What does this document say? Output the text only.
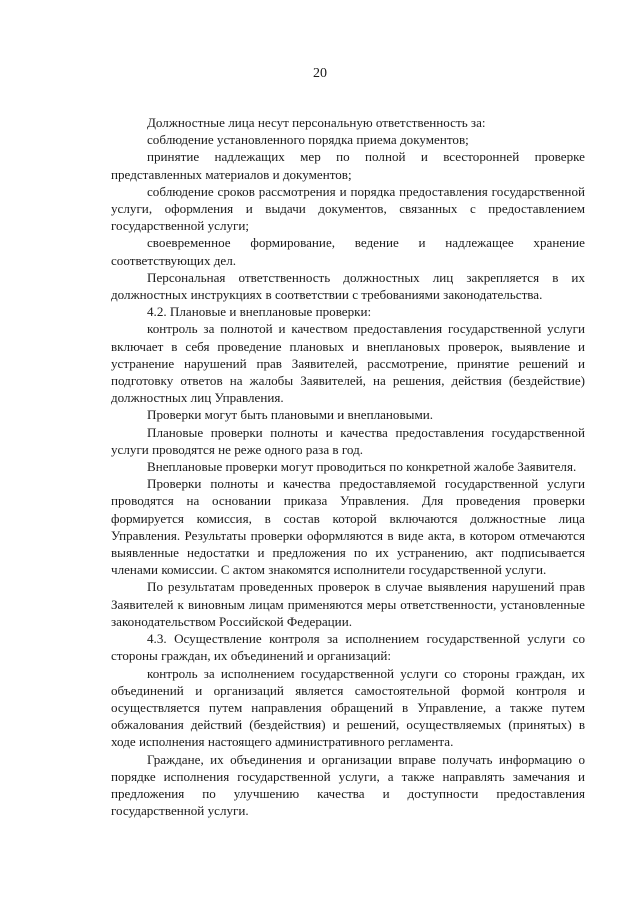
20

Должностные лица несут персональную ответственность за:

соблюдение установленного порядка приема документов;

принятие надлежащих мер по полной и всесторонней проверке представленных материалов и документов;

соблюдение сроков рассмотрения и порядка предоставления государственной услуги, оформления и выдачи документов, связанных с предоставлением государственной услуги;

своевременное формирование, ведение и надлежащее хранение соответствующих дел.

Персональная ответственность должностных лиц закрепляется в их должностных инструкциях в соответствии с требованиями законодательства.

4.2. Плановые и внеплановые проверки:

контроль за полнотой и качеством предоставления государственной услуги включает в себя проведение плановых и внеплановых проверок, выявление и устранение нарушений прав Заявителей, рассмотрение, принятие решений и подготовку ответов на жалобы Заявителей, на решения, действия (бездействие) должностных лиц Управления.

Проверки могут быть плановыми и внеплановыми.

Плановые проверки полноты и качества предоставления государственной услуги проводятся не реже одного раза в год.

Внеплановые проверки могут проводиться по конкретной жалобе Заявителя.

Проверки полноты и качества предоставляемой государственной услуги проводятся на основании приказа Управления. Для проведения проверки формируется комиссия, в состав которой включаются должностные лица Управления. Результаты проверки оформляются в виде акта, в котором отмечаются выявленные недостатки и предложения по их устранению, акт подписывается членами комиссии. С актом знакомятся исполнители государственной услуги.

По результатам проведенных проверок в случае выявления нарушений прав Заявителей к виновным лицам применяются меры ответственности, установленные законодательством Российской Федерации.

4.3. Осуществление контроля за исполнением государственной услуги со стороны граждан, их объединений и организаций:

контроль за исполнением государственной услуги со стороны граждан, их объединений и организаций является самостоятельной формой контроля и осуществляется путем направления обращений в Управление, а также путем обжалования действий (бездействия) и решений, осуществляемых (принятых) в ходе исполнения настоящего административного регламента.

Граждане, их объединения и организации вправе получать информацию о порядке исполнения государственной услуги, а также направлять замечания и предложения по улучшению качества и доступности предоставления государственной услуги.
